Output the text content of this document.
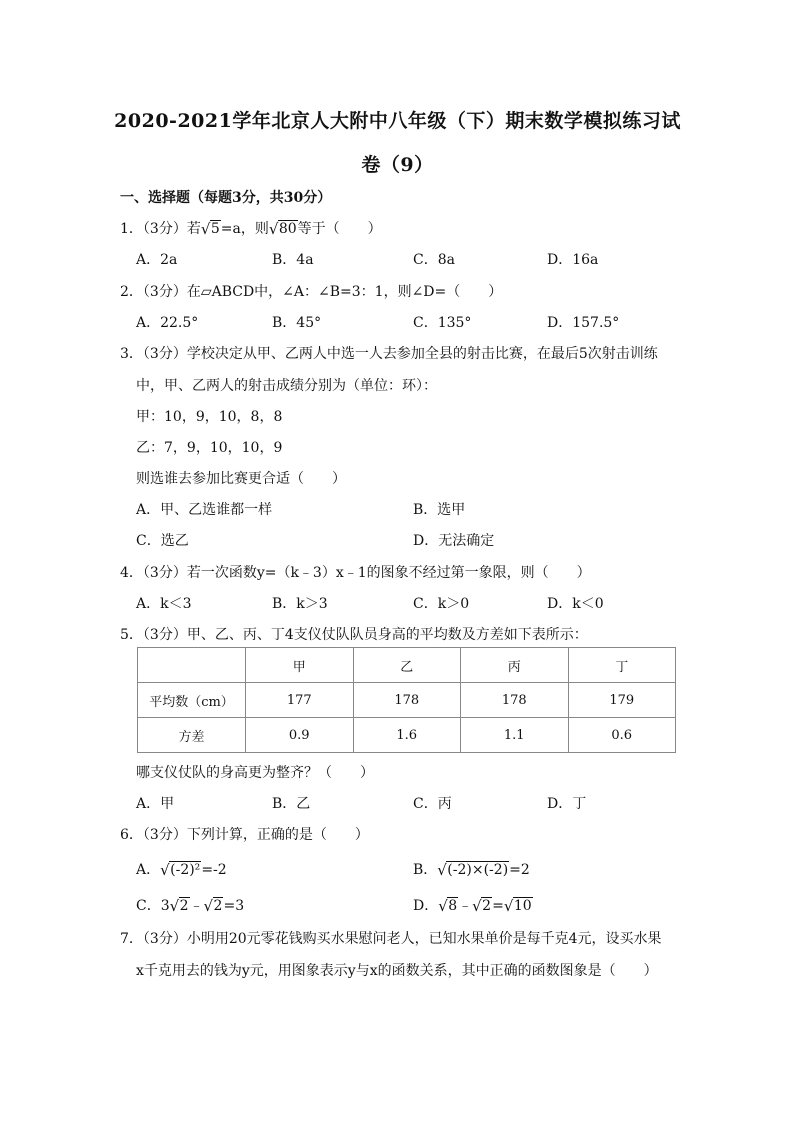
2020-2021学年北京人大附中八年级（下）期末数学模拟练习试
卷（9）
一、选择题（每题3分，共30分）
1．（3分）若 √ 5=a，则 √ 80等于（　　）
A．2a	B．4a	C．8a	D．16a
2．（3分）在▱ABCD中，∠A：∠B=3：1，则∠D=（　　）
A．22.5°	B．45°	C．135°	D．157.5°
3．（3分）学校决定从甲、乙两人中选一人去参加全县的射击比赛，在最后5次射击训练
中，甲、乙两人的射击成绩分别为（单位：环）：
甲：10，9，10，8，8
乙：7，9，10，10，9
则选谁去参加比赛更合适（　　）
A．甲、乙选谁都一样	B．选甲
C．选乙	D．无法确定
4．（3分）若一次函数y=（k﹣3）x﹣1的图象不经过第一象限，则（　　）
A．k＜3	B．k＞3	C．k＞0	D．k＜0
5．（3分）甲、乙、丙、丁4支仪仗队队员身高的平均数及方差如下表所示：
	甲	乙	丙	丁
平均数（cm）	177	178	178	179
方差	0.9	1.6	1.1	0.6
哪支仪仗队的身高更为整齐？（　　）
A．甲	B．乙	C．丙	D．丁
6．（3分）下列计算，正确的是（　　）
A． √ (-2)²=-2	B． √ (-2)×(-2)=2
C．3 √ 2﹣ √ 2=3	D． √ 8﹣ √ 2= √ 10
7．（3分）小明用20元零花钱购买水果慰问老人，已知水果单价是每千克4元，设买水果
x千克用去的钱为y元，用图象表示y与x的函数关系，其中正确的函数图象是（　　）
